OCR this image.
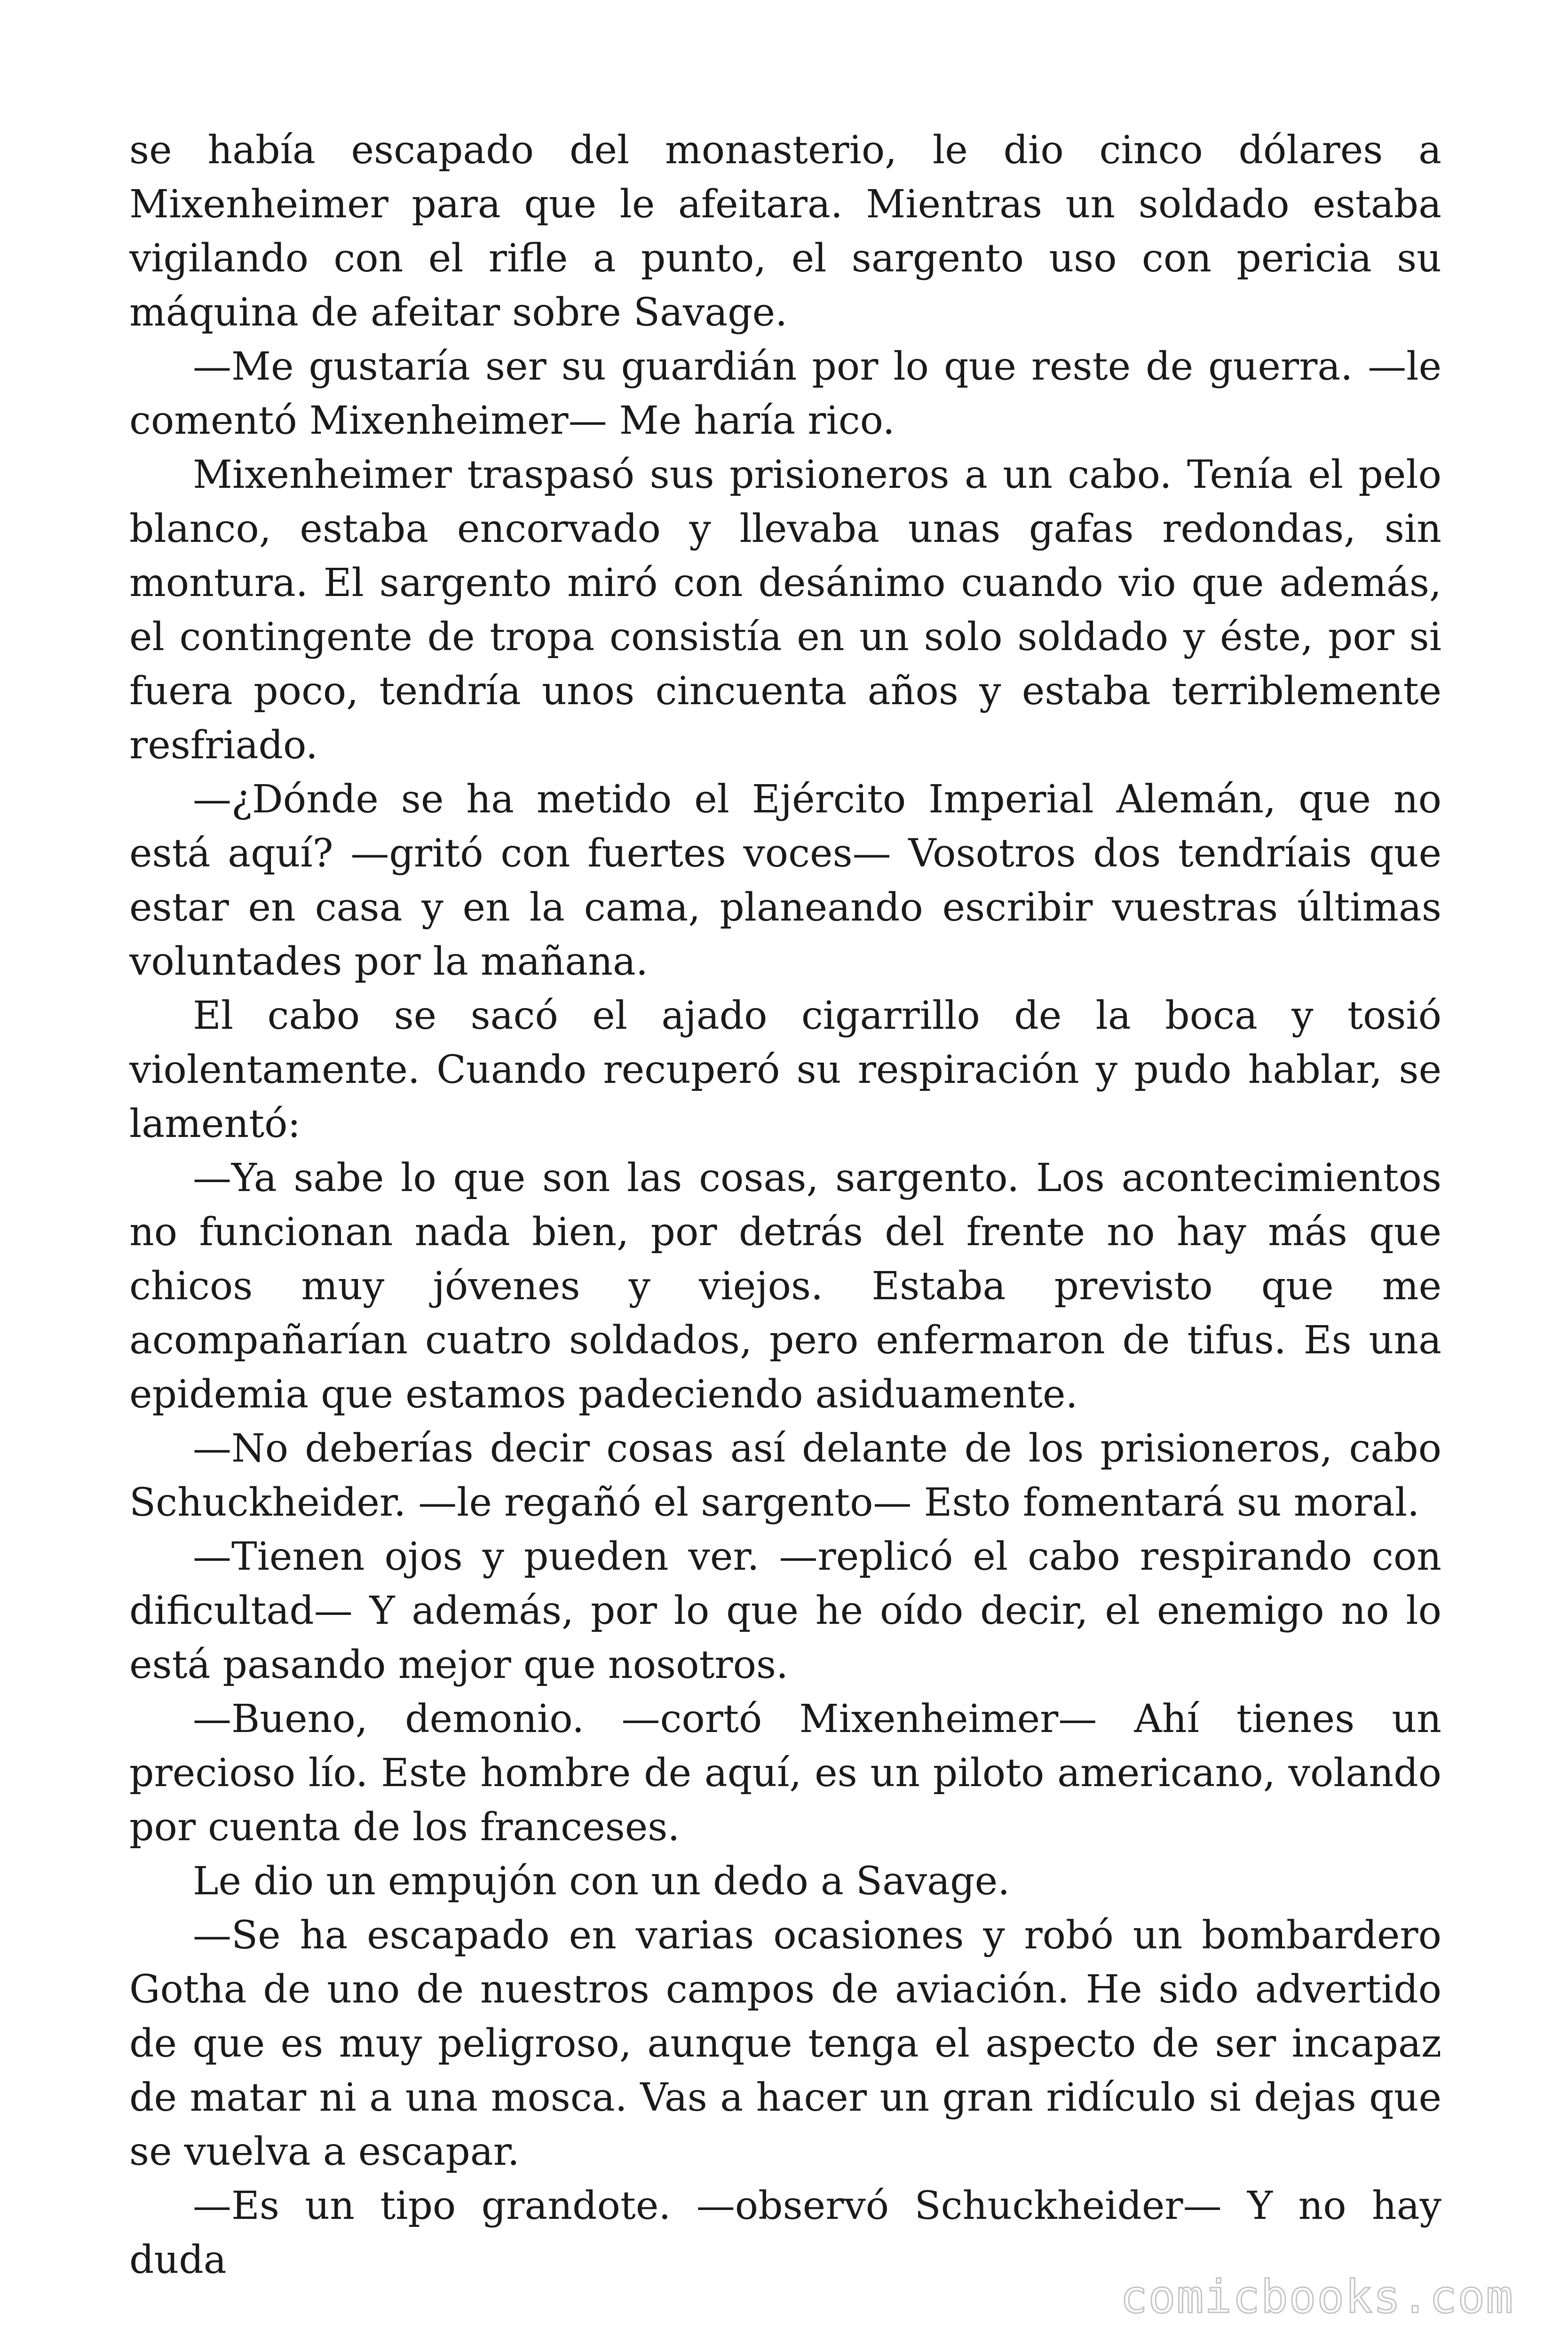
se había escapado del monasterio, le dio cinco dólares a Mixenheimer para que le afeitara. Mientras un soldado estaba vigilando con el rifle a punto, el sargento uso con pericia su máquina de afeitar sobre Savage.

—Me gustaría ser su guardián por lo que reste de guerra. —le comentó Mixenheimer— Me haría rico.

Mixenheimer traspasó sus prisioneros a un cabo. Tenía el pelo blanco, estaba encorvado y llevaba unas gafas redondas, sin montura. El sargento miró con desánimo cuando vio que además, el contingente de tropa consistía en un solo soldado y éste, por si fuera poco, tendría unos cincuenta años y estaba terriblemente resfriado.

—¿Dónde se ha metido el Ejército Imperial Alemán, que no está aquí? —gritó con fuertes voces— Vosotros dos tendríais que estar en casa y en la cama, planeando escribir vuestras últimas voluntades por la mañana.

El cabo se sacó el ajado cigarrillo de la boca y tosió violentamente. Cuando recuperó su respiración y pudo hablar, se lamentó:

—Ya sabe lo que son las cosas, sargento. Los acontecimientos no funcionan nada bien, por detrás del frente no hay más que chicos muy jóvenes y viejos. Estaba previsto que me acompañarían cuatro soldados, pero enfermaron de tifus. Es una epidemia que estamos padeciendo asiduamente.

—No deberías decir cosas así delante de los prisioneros, cabo Schuckheider. —le regañó el sargento— Esto fomentará su moral.

—Tienen ojos y pueden ver. —replicó el cabo respirando con dificultad— Y además, por lo que he oído decir, el enemigo no lo está pasando mejor que nosotros.

—Bueno, demonio. —cortó Mixenheimer— Ahí tienes un precioso lío. Este hombre de aquí, es un piloto americano, volando por cuenta de los franceses.

Le dio un empujón con un dedo a Savage.

—Se ha escapado en varias ocasiones y robó un bombardero Gotha de uno de nuestros campos de aviación. He sido advertido de que es muy peligroso, aunque tenga el aspecto de ser incapaz de matar ni a una mosca. Vas a hacer un gran ridículo si dejas que se vuelva a escapar.

—Es un tipo grandote. —observó Schuckheider— Y no hay duda

comicbooks.com
